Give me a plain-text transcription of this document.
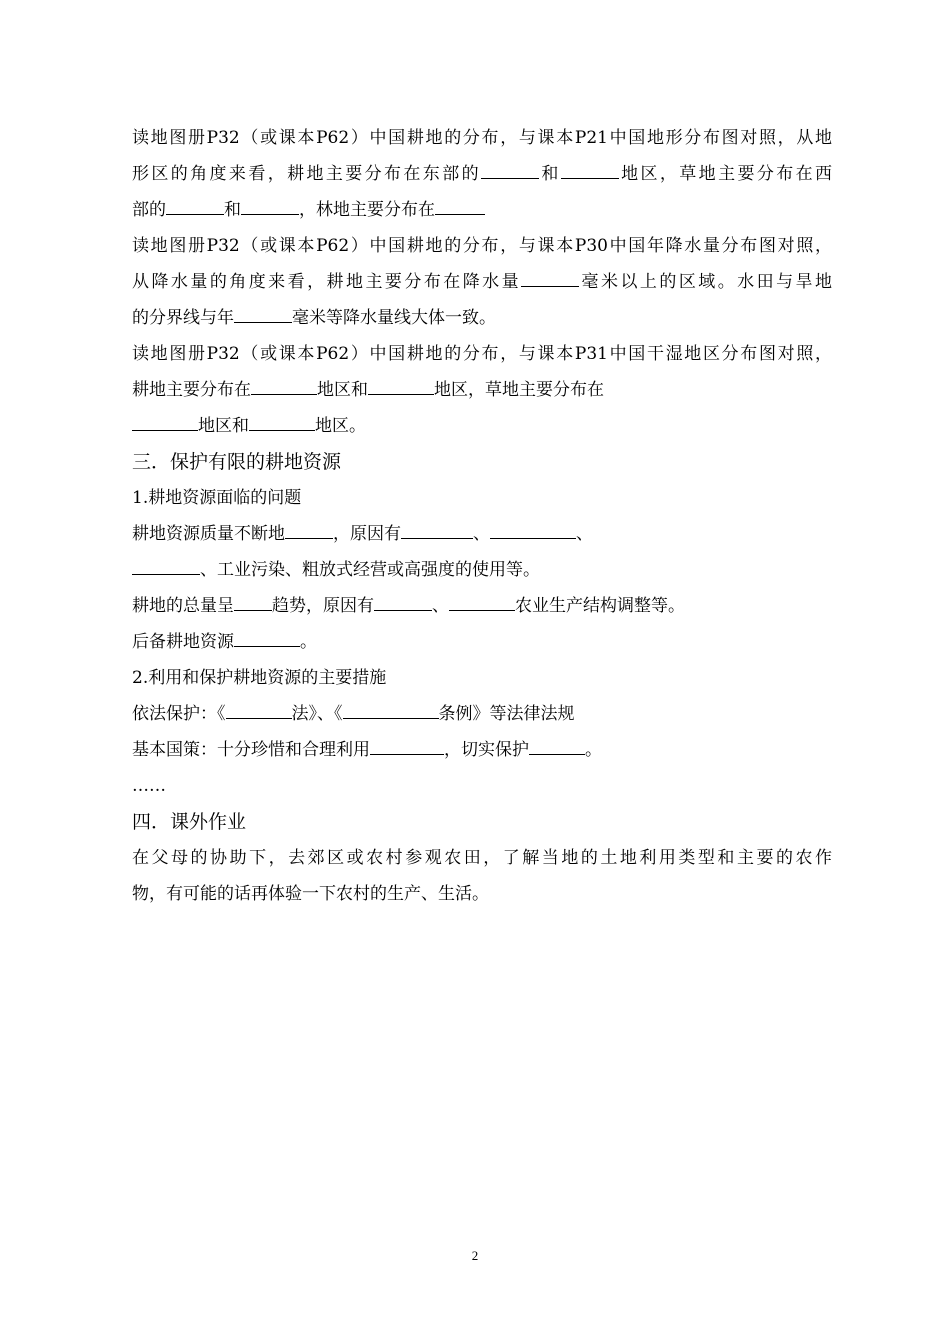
读地图册P32（或课本P62）中国耕地的分布，与课本P21中国地形分布图对照，从地
形区的角度来看，耕地主要分布在东部的	和	地区，草地主要分布在西
部的	和	，林地主要分布在
读地图册P32（或课本P62）中国耕地的分布，与课本P30中国年降水量分布图对照，
从降水量的角度来看，耕地主要分布在降水量	毫米以上的区域。水田与旱地
的分界线与年	毫米等降水量线大体一致。
读地图册P32（或课本P62）中国耕地的分布，与课本P31中国干湿地区分布图对照，
耕地主要分布在	地区和	地区，草地主要分布在
地区和	地区。
三．保护有限的耕地资源
1.耕地资源面临的问题
耕地资源质量不断地	，原因有	、	、
、工业污染、粗放式经营或高强度的使用等。
耕地的总量呈 趋势，原因有	、	农业生产结构调整等。
后备耕地资源	。
2.利用和保护耕地资源的主要措施
依法保护：《	法》、《	条例》等法律法规
基本国策：十分珍惜和合理利用	，切实保护	。
……
四．课外作业
在父母的协助下，去郊区或农村参观农田，了解当地的土地利用类型和主要的农作
物，有可能的话再体验一下农村的生产、生活。
2
